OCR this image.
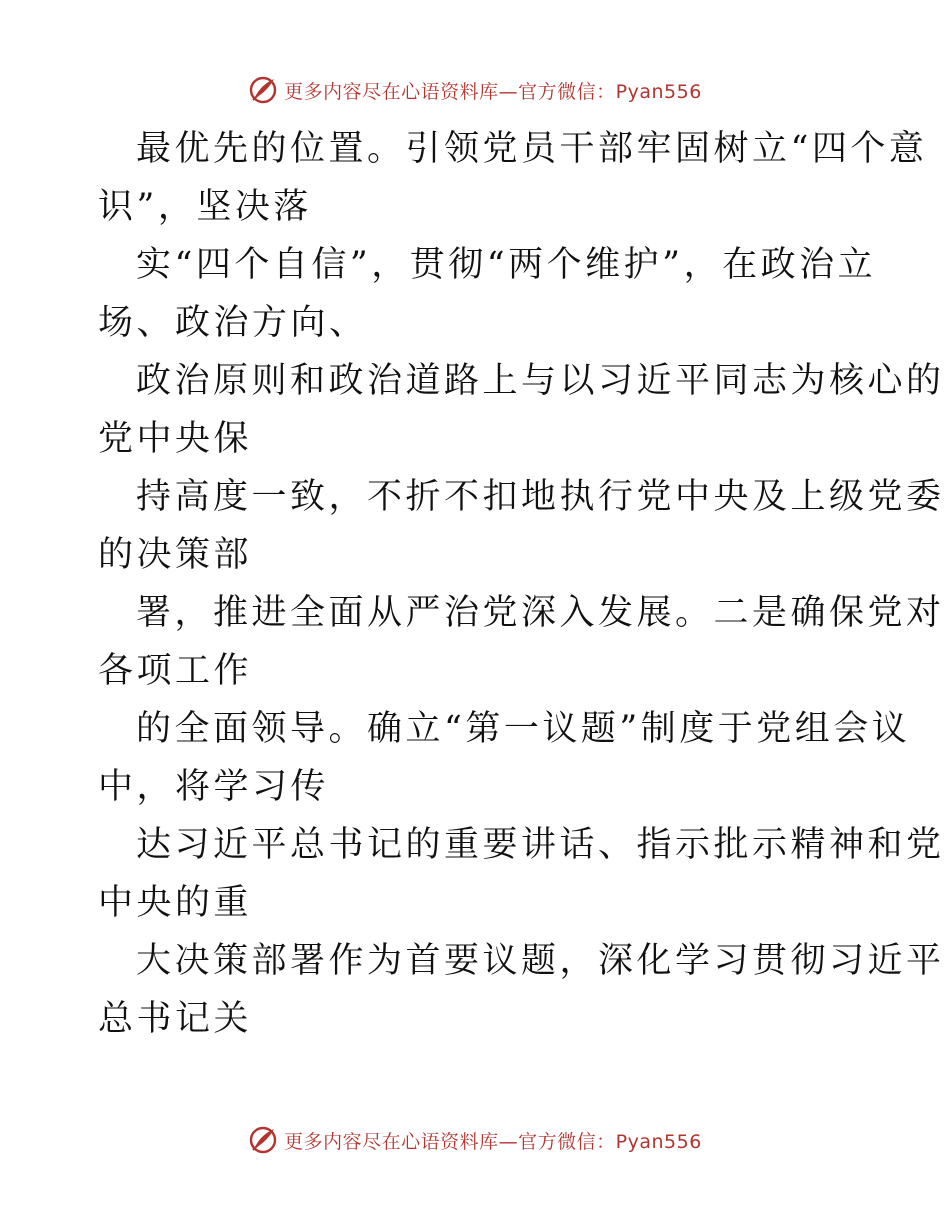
更多内容尽在心语资料库—官方微信：Pyan556
最优先的位置。引领党员干部牢固树立“四个意
识”，坚决落
实“四个自信”，贯彻“两个维护”，在政治立
场、政治方向、
政治原则和政治道路上与以习近平同志为核心的
党中央保
持高度一致，不折不扣地执行党中央及上级党委
的决策部
署，推进全面从严治党深入发展。二是确保党对
各项工作
的全面领导。确立“第一议题”制度于党组会议
中，将学习传
达习近平总书记的重要讲话、指示批示精神和党
中央的重
大决策部署作为首要议题，深化学习贯彻习近平
总书记关
更多内容尽在心语资料库—官方微信：Pyan556
